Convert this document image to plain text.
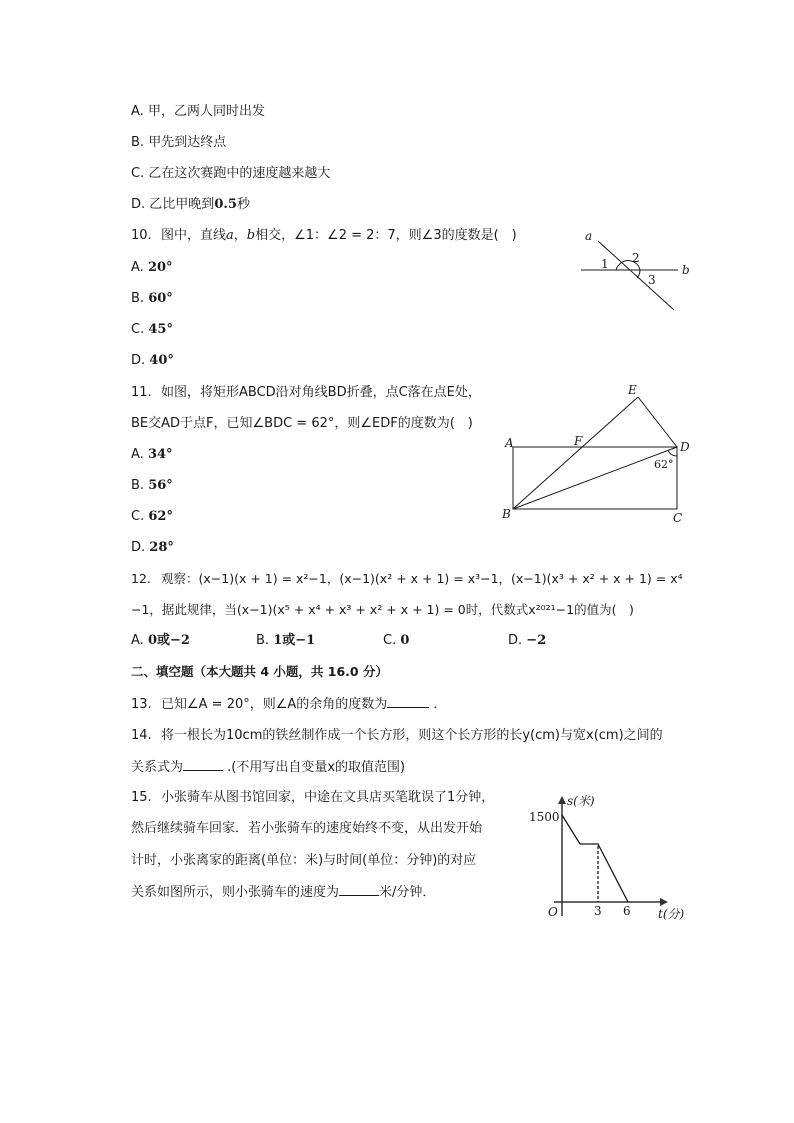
A. 甲，乙两人同时出发
B. 甲先到达终点
C. 乙在这次赛跑中的速度越来越大
D. 乙比甲晚到0.5秒
10. 图中，直线a，b相交，∠1：∠2 = 2：7，则∠3的度数是(　)
A. 20°
B. 60°
C. 45°
D. 40°
a
b
1 2
3
11. 如图，将矩形ABCD沿对角线BD折叠，点C落在点E处，
BE交AD于点F，已知∠BDC = 62°，则∠EDF的度数为(　)
A. 34°
B. 56°
C. 62°
D. 28°
E
A	F	D
62°
B	C
12. 观察：(x−1)(x + 1) = x²−1，(x−1)(x² + x + 1) = x³−1，(x−1)(x³ + x² + x + 1) = x⁴
−1，据此规律，当(x−1)(x⁵ + x⁴ + x³ + x² + x + 1) = 0时，代数式x²⁰²¹−1的值为(　)
A. 0或−2	B. 1或−1	C. 0	D. −2
二、填空题（本大题共 4 小题，共 16.0 分）
13. 已知∠A = 20°，则∠A的余角的度数为	．
14. 将一根长为10cm的铁丝制作成一个长方形，则这个长方形的长y(cm)与宽x(cm)之间的
关系式为	.(不用写出自变量x的取值范围)
15. 小张骑车从图书馆回家，中途在文具店买笔耽误了1分钟，
然后继续骑车回家．若小张骑车的速度始终不变，从出发开始
计时，小张离家的距离(单位：米)与时间(单位：分钟)的对应
关系如图所示，则小张骑车的速度为	米/分钟．
s(米)
1500
O	3 6 t(分)
